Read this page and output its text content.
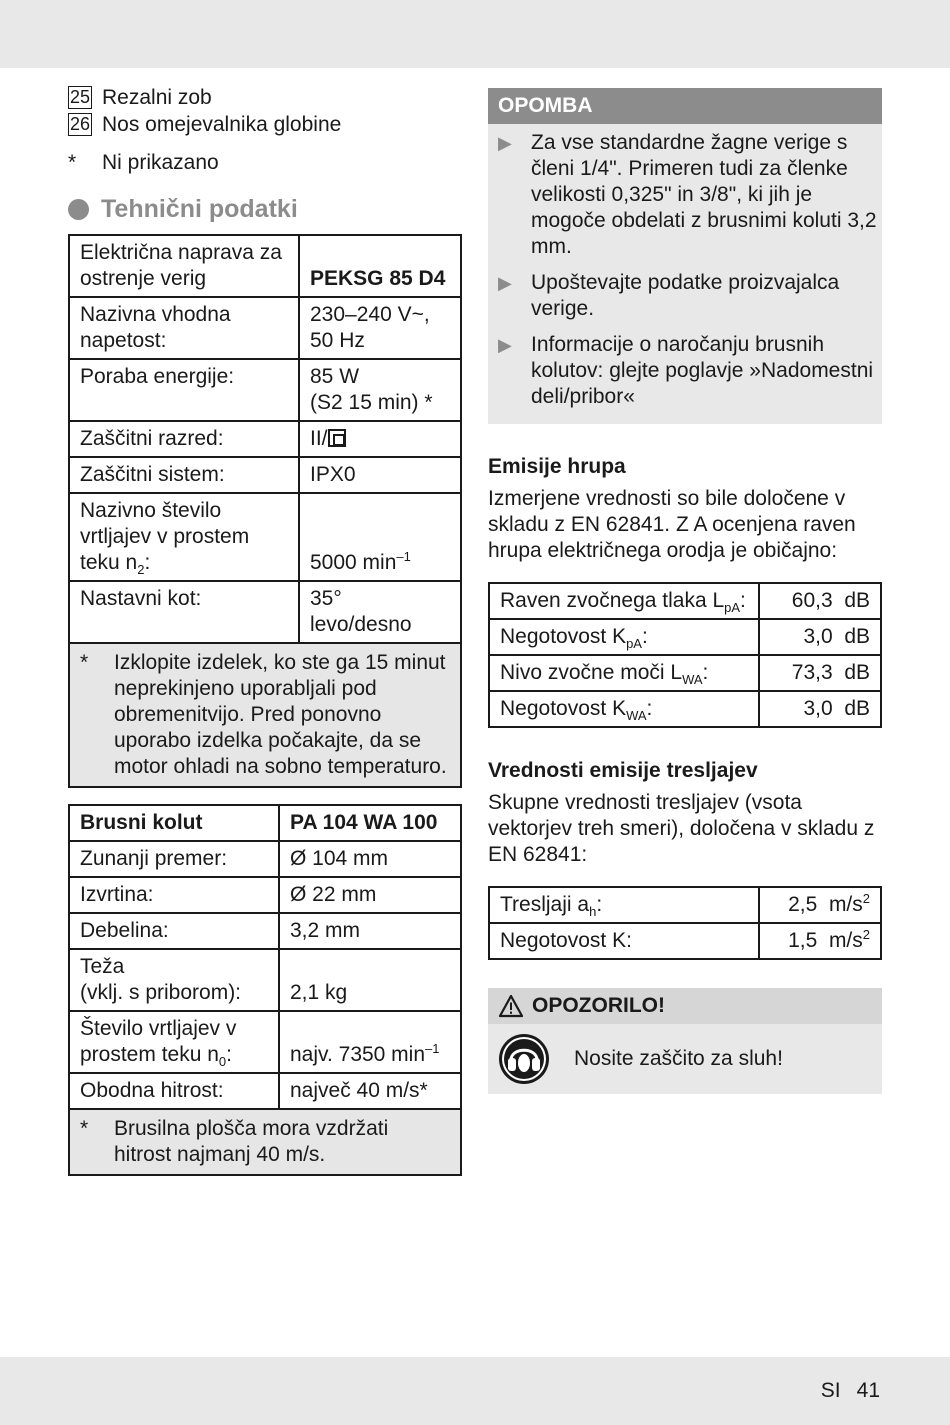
25 Rezalni zob
26 Nos omejevalnika globine
*	Ni prikazano
Tehnični podatki
Električna naprava za ostrenje verig	PEKSG 85 D4
Nazivna vhodna napetost:	230–240 V~,
50 Hz
Poraba energije:	85 W
(S2 15 min) *
Zaščitni razred:	II/
Zaščitni sistem:	IPX0
Nazivno število
vrtljajev v prostem
teku $n_2$:	5000 $\min^{-1}$
Nastavni kot:	35°
levo/desno

* Izklopite izdelek, ko ste ga 15 minut neprekinjeno uporabljali pod obremenitvijo. Pred ponovno uporabo izdelka počakajte, da se motor ohladi na sobno temperaturo.	
Brusni kolut	PA 104 WA 100
Zunanji premer:	Ø 104 mm
Izvrtina:	Ø 22 mm
Debelina:	3,2 mm
Teža
(vklj. s priborom):	2,1 kg
Število vrtljajev v
prostem teku $n_0$:	najv. 7350 $\min^{-1}$
Obodna hitrost:	največ 40 m/s*

* Brusilna plošča mora vzdržati hitrost najmanj 40 m/s.	
OPOMBA
▶ Za vse standardne žagne verige s členi 1/4". Primeren tudi za členke velikosti 0,325" in 3/8", ki jih je mogoče obdelati z brusnimi koluti 3,2 mm.
▶ Upoštevajte podatke proizvajalca verige.
▶ Informacije o naročanju brusnih kolutov: glejte poglavje »Nadomestni deli/pribor«
Emisije hrupa
Izmerjene vrednosti so bile določene v skladu z EN 62841. Z A ocenjena raven hrupa električnega orodja je običajno:
Raven zvočnega tlaka $L_{pA}$:	60,3 dB
Negotovost $K_{pA}$:	3,0 dB
Nivo zvočne moči $L_{WA}$:	73,3 dB
Negotovost $K_{WA}$:	3,0 dB
Vrednosti emisije tresljajev
Skupne vrednosti tresljajev (vsota vektorjev treh smeri), določena v skladu z EN 62841:
Tresljaji $a_h$:	2,5 $m/s^2$
Negotovost K:	1,5 $m/s^2$
OPOZORILO!
Nosite zaščito za sluh!
SI 41
